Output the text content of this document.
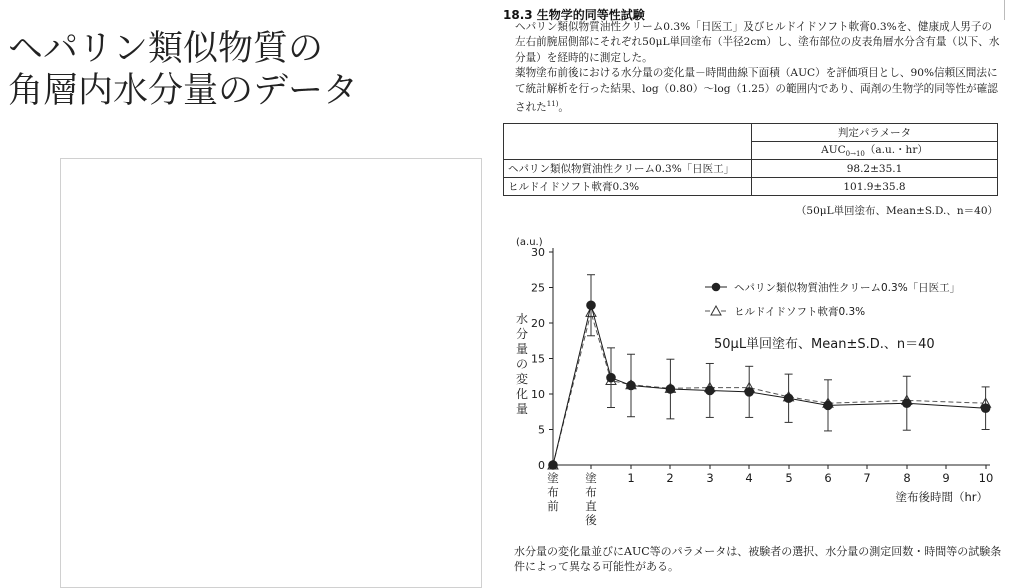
ヘパリン類似物質の
角層内水分量のデータ
18.3 生物学的同等性試験

ヘパリン類似物質油性クリーム0.3%「日医工」及びヒルドイドソフト軟膏0.3%を、健康成人男子の左右前腕屈側部にそれぞれ50μL単回塗布（半径2cm）し、塗布部位の皮表角層水分含有量（以下、水分量）を経時的に測定した。

薬物塗布前後における水分量の変化量－時間曲線下面積（AUC）を評価項目とし、90%信頼区間法にて統計解析を行った結果、log（0.80）～log（1.25）の範囲内であり、両剤の生物学的同等性が確認された$^{11)}$。

	判定パラメータ
	$AUC_{0\to 10}(a.u$.・hr）
ヘパリン類似物質油性クリーム0.3%「日医工」	98.2±35.1
ヒルドイドソフト軟膏0.3%	101.9±35.8
（50μL単回塗布、Mean±S.D.、n＝40）
0
5
10
15
20
25
30
(a.u.)
水
分
量
の
変
化
量
塗
布
前
塗
布
直
後
1	2	3	4	5	6	7	8	9	10
塗布後時間（hr）
ヘパリン類似物質油性クリーム0.3%「日医工」
ヒルドイドソフト軟膏0.3%
50μL単回塗布、Mean±S.D.、n＝40

水分量の変化量並びにAUC等のパラメータは、被験者の選択、水分量の測定回数・時間等の試験条件によって異なる可能性がある。
